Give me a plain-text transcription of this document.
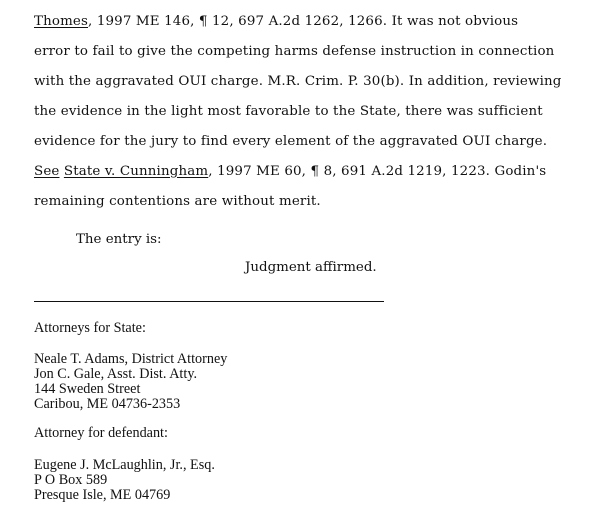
Thomes, 1997 ME 146, ¶ 12, 697 A.2d 1262, 1266. It was not obvious
error to fail to give the competing harms defense instruction in connection
with the aggravated OUI charge. M.R. Crim. P. 30(b). In addition, reviewing
the evidence in the light most favorable to the State, there was sufficient
evidence for the jury to find every element of the aggravated OUI charge.
See State v. Cunningham, 1997 ME 60, ¶ 8, 691 A.2d 1219, 1223. Godin's
remaining contentions are without merit.
The entry is:
Judgment affirmed.
Attorneys for State:
Neale T. Adams, District Attorney
Jon C. Gale, Asst. Dist. Atty.
144 Sweden Street
Caribou, ME 04736-2353
Attorney for defendant:
Eugene J. McLaughlin, Jr., Esq.
P O Box 589
Presque Isle, ME 04769
